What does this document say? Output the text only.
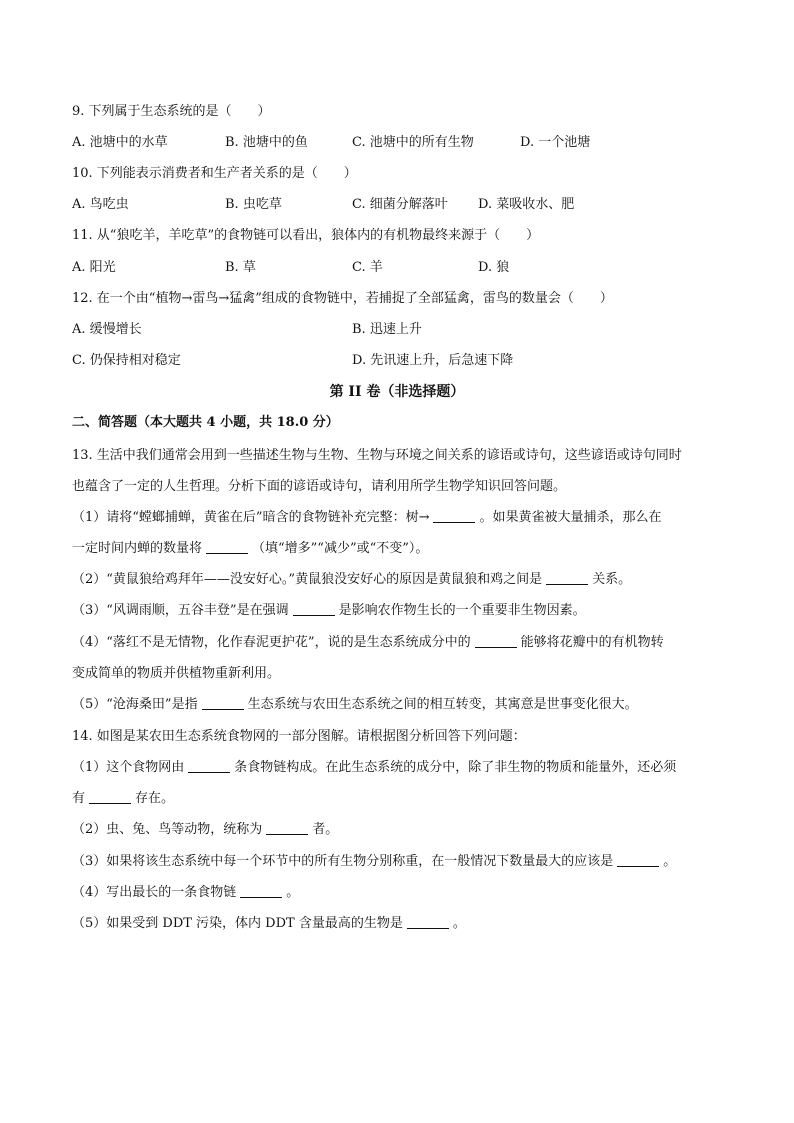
9. 下列属于生态系统的是（　　）
A. 池塘中的水草	B. 池塘中的鱼	C. 池塘中的所有生物	D. 一个池塘
10. 下列能表示消费者和生产者关系的是（　　）
A. 鸟吃虫	B. 虫吃草	C. 细菌分解落叶 D. 菜吸收水、肥
11. 从“狼吃羊，羊吃草”的食物链可以看出，狼体内的有机物最终来源于（　　）
A. 阳光	B. 草	C. 羊	D. 狼
12. 在一个由“植物→雷鸟→猛禽”组成的食物链中，若捕捉了全部猛禽，雷鸟的数量会（　　）
A. 缓慢增长	B. 迅速上升
C. 仍保持相对稳定	D. 先讯速上升，后急速下降
第 II 卷（非选择题）
二、简答题（本大题共 4 小题，共 18.0 分）
13. 生活中我们通常会用到一些描述生物与生物、生物与环境之间关系的谚语或诗句，这些谚语或诗句同时
也蕴含了一定的人生哲理。分析下面的谚语或诗句，请利用所学生物学知识回答问题。
（1）请将“螳螂捕蝉，黄雀在后”暗含的食物链补充完整：树→	。如果黄雀被大量捕杀，那么在
一定时间内蝉的数量将	（填“增多”“减少”或“不变”）。
（2）“黄鼠狼给鸡拜年——没安好心。”黄鼠狼没安好心的原因是黄鼠狼和鸡之间是	关系。
（3）“风调雨顺，五谷丰登”是在强调	是影响农作物生长的一个重要非生物因素。
（4）“落红不是无情物，化作春泥更护花”，说的是生态系统成分中的	能够将花瓣中的有机物转
变成简单的物质并供植物重新利用。
（5）“沧海桑田”是指	生态系统与农田生态系统之间的相互转变，其寓意是世事变化很大。
14. 如图是某农田生态系统食物网的一部分图解。请根据图分析回答下列问题：
（1）这个食物网由	条食物链构成。在此生态系统的成分中，除了非生物的物质和能量外，还必须
有	存在。
（2）虫、兔、鸟等动物，统称为	者。
（3）如果将该生态系统中每一个环节中的所有生物分别称重，在一般情况下数量最大的应该是	。
（4）写出最长的一条食物链	。
（5）如果受到 DDT 污染，体内 DDT 含量最高的生物是	。
